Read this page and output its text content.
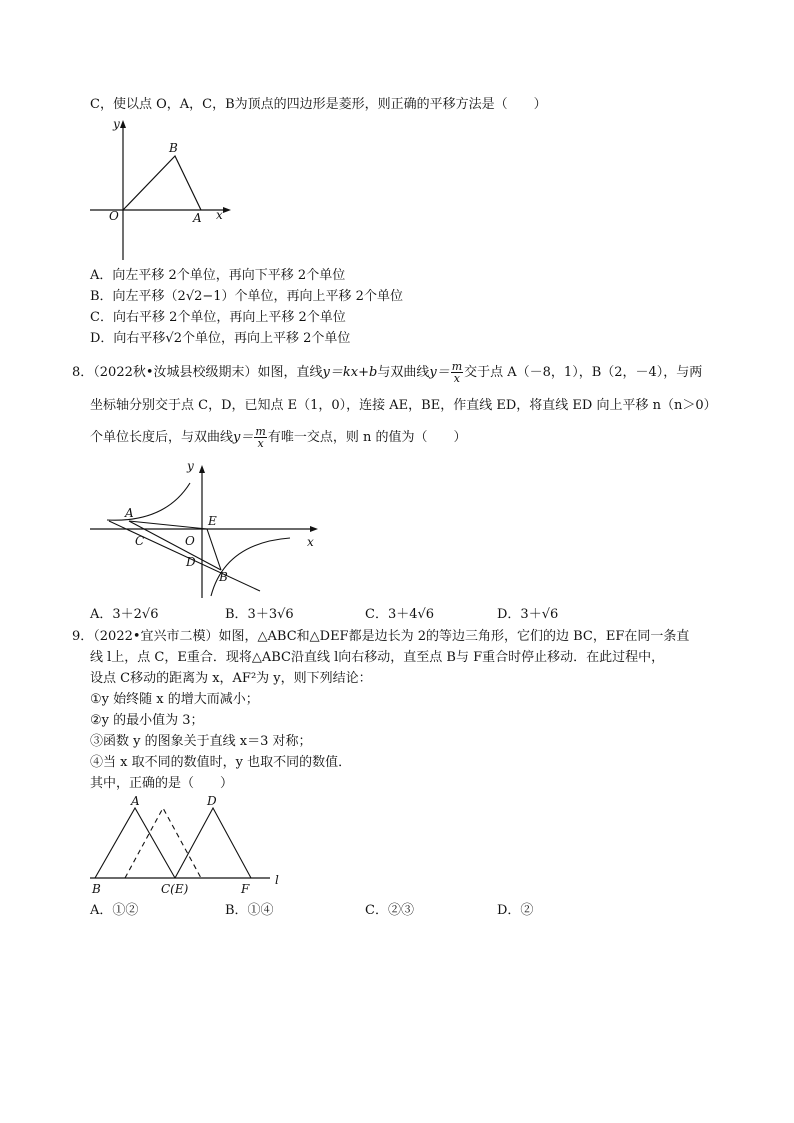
C，使以点 O，A，C，B为顶点的四边形是菱形，则正确的平移方法是（　　）
y
x
O	A
B
A．向左平移 2个单位，再向下平移 2个单位
B．向左平移（2√2−1）个单位，再向上平移 2个单位
C．向右平移 2个单位，再向上平移 2个单位
D．向右平移√2个单位，再向上平移 2个单位
8．（2022秋•汝城县校级期末）如图，直线y＝kx+b与双曲线$y= \frac{m}{x}$ 交于点 A（－8，1），B（2，－4），与两
坐标轴分别交于点 C，D，已知点 E（1，0），连接 AE，BE，作直线 ED，将直线 ED 向上平移 n（n＞0）
个单位长度后，与双曲线$y= \frac{m}{x}$ 有唯一交点，则 n 的值为（　　）
y
x
A
E
C	O
D
B
A．3＋2√6	B．3＋3√6	C．3＋4√6	D．3＋√6
9．（2022•宜兴市二模）如图，△ABC和△DEF都是边长为 2的等边三角形，它们的边 BC，EF在同一条直
线 l上，点 C，E重合．现将△ABC沿直线 l向右移动，直至点 B与 F重合时停止移动．在此过程中，
设点 C移动的距离为 x，AF²为 y，则下列结论：
①y 始终随 x 的增大而减小；
②y 的最小值为 3；
③函数 y 的图象关于直线 x＝3 对称；
④当 x 取不同的数值时，y 也取不同的数值．
其中，正确的是（　　）
A	D
B	C(E)	F
l
A．①②	B．①④	C．②③	D．②
